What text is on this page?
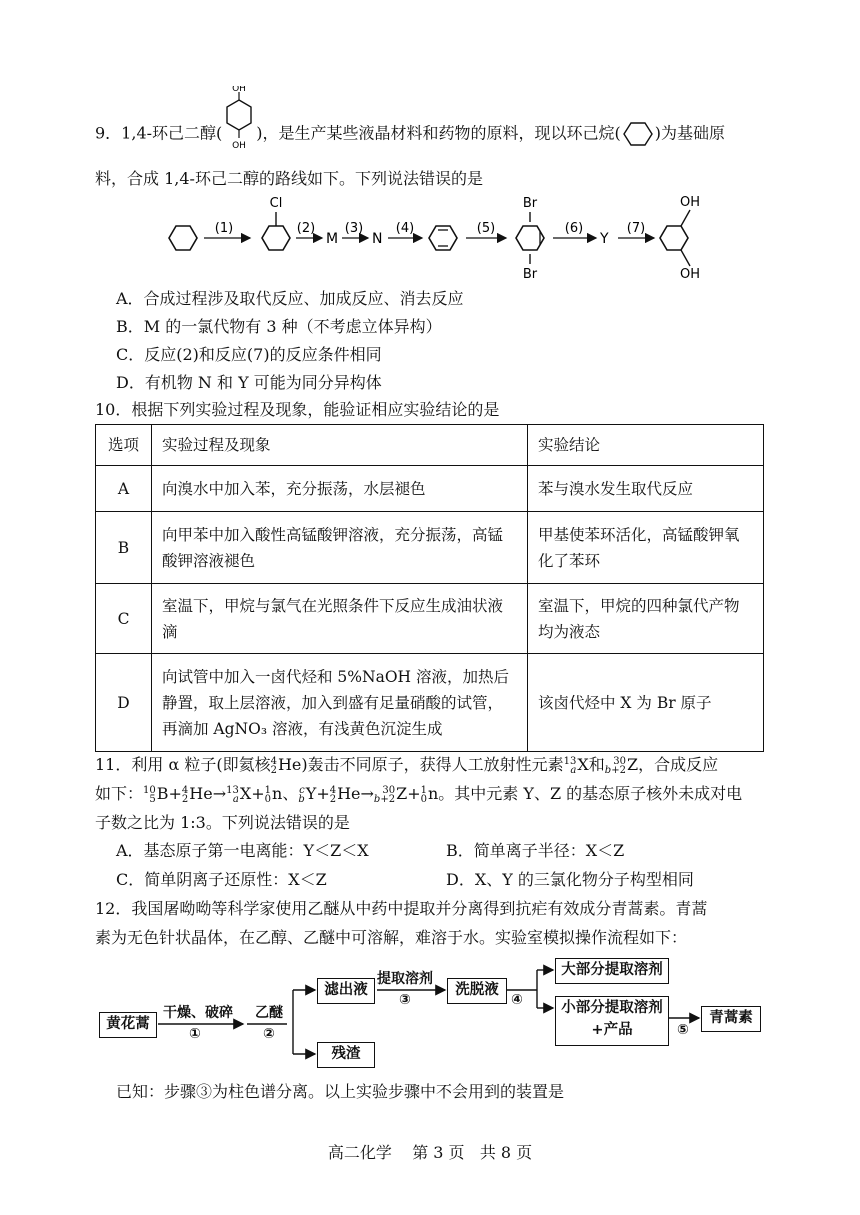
9．1,4-环己二醇(
OH
OH
)，是生产某些液晶材料和药物的原料，现以环己烷( )为基础原
料，合成 1,4-环己二醇的路线如下。下列说法错误的是
(1)
Cl
(2)
M
(3)
N
(4)	(5)
Br
Br
(6)
Y
(7)
OH
OH
A．合成过程涉及取代反应、加成反应、消去反应
B．M 的一氯代物有 3 种（不考虑立体异构）
C．反应(2)和反应(7)的反应条件相同
D．有机物 N 和 Y 可能为同分异构体
10．根据下列实验过程及现象，能验证相应实验结论的是
选项	实验过程及现象	实验结论
A	向溴水中加入苯，充分振荡，水层褪色	苯与溴水发生取代反应
B	向甲苯中加入酸性高锰酸钾溶液，充分振荡，高锰酸钾溶液褪色	甲基使苯环活化，高锰酸钾氧化了苯环
C	室温下，甲烷与氯气在光照条件下反应生成油状液滴	室温下，甲烷的四种氯代产物均为液态
D	向试管中加入一卤代烃和 5%NaOH 溶液，加热后静置，取上层溶液，加入到盛有足量硝酸的试管，再滴加 AgNO₃ 溶液，有浅黄色沉淀生成	该卤代烃中 X 为 Br 原子
11．利用 α 粒子(即氦核 4
2 He)轰击不同原子，获得人工放射性元素 13
a X和 30
b+2 Z，合成反应
如下： 10
5 B+ 4
2 He→ 13
a X+ 1
0 n、 c
b Y+ 4
2 He→ 30
b+2 Z+ 1
0 n。其中元素 Y、Z 的基态原子核外未成对电
子数之比为 1:3。下列说法错误的是
A．基态原子第一电离能：Y＜Z＜X	B．简单离子半径：X＜Z
C．简单阴离子还原性：X＜Z	D．X、Y 的三氯化物分子构型相同
12．我国屠呦呦等科学家使用乙醚从中药中提取并分离得到抗疟有效成分青蒿素。青蒿
素为无色针状晶体，在乙醇、乙醚中可溶解，难溶于水。实验室模拟操作流程如下：
黄花蒿
干燥、破碎
①
乙醚
②
滤出液
残渣
提取溶剂
③
洗脱液
④
大部分提取溶剂
小部分提取溶剂
+产品	⑤
青蒿素
已知：步骤③为柱色谱分离。以上实验步骤中不会用到的装置是
高二化学 第 3 页 共 8 页
